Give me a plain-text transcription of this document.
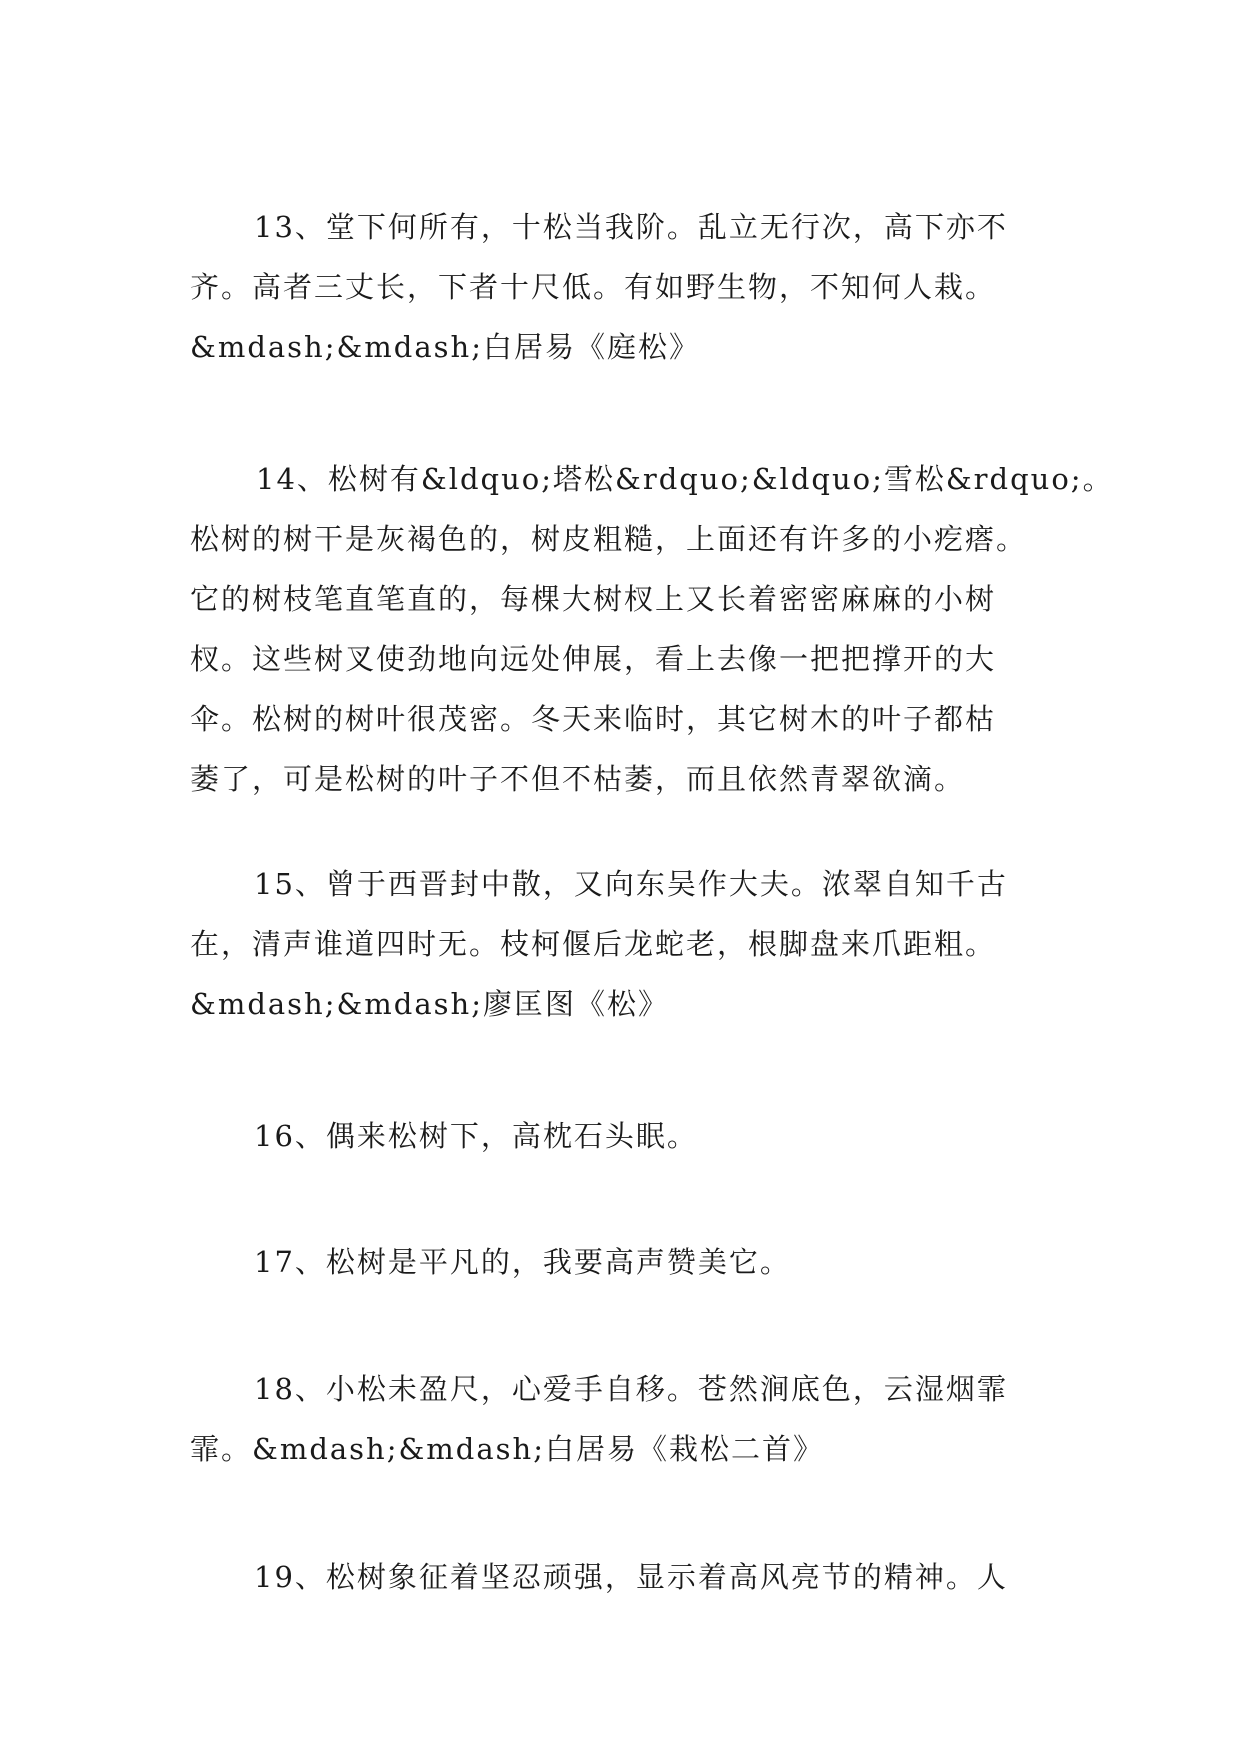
13、堂下何所有，十松当我阶。乱立无行次，高下亦不
齐。高者三丈长，下者十尺低。有如野生物，不知何人栽。
&mdash;&mdash;白居易《庭松》
14、松树有&ldquo;塔松&rdquo;&ldquo;雪松&rdquo;。
松树的树干是灰褐色的，树皮粗糙，上面还有许多的小疙瘩。
它的树枝笔直笔直的，每棵大树杈上又长着密密麻麻的小树
杈。这些树叉使劲地向远处伸展，看上去像一把把撑开的大
伞。松树的树叶很茂密。冬天来临时，其它树木的叶子都枯
萎了，可是松树的叶子不但不枯萎，而且依然青翠欲滴。
15、曾于西晋封中散，又向东吴作大夫。浓翠自知千古
在，清声谁道四时无。枝柯偃后龙蛇老，根脚盘来爪距粗。
&mdash;&mdash;廖匡图《松》
16、偶来松树下，高枕石头眠。
17、松树是平凡的，我要高声赞美它。
18、小松未盈尺，心爱手自移。苍然涧底色，云湿烟霏
霏。&mdash;&mdash;白居易《栽松二首》
19、松树象征着坚忍顽强，显示着高风亮节的精神。人
